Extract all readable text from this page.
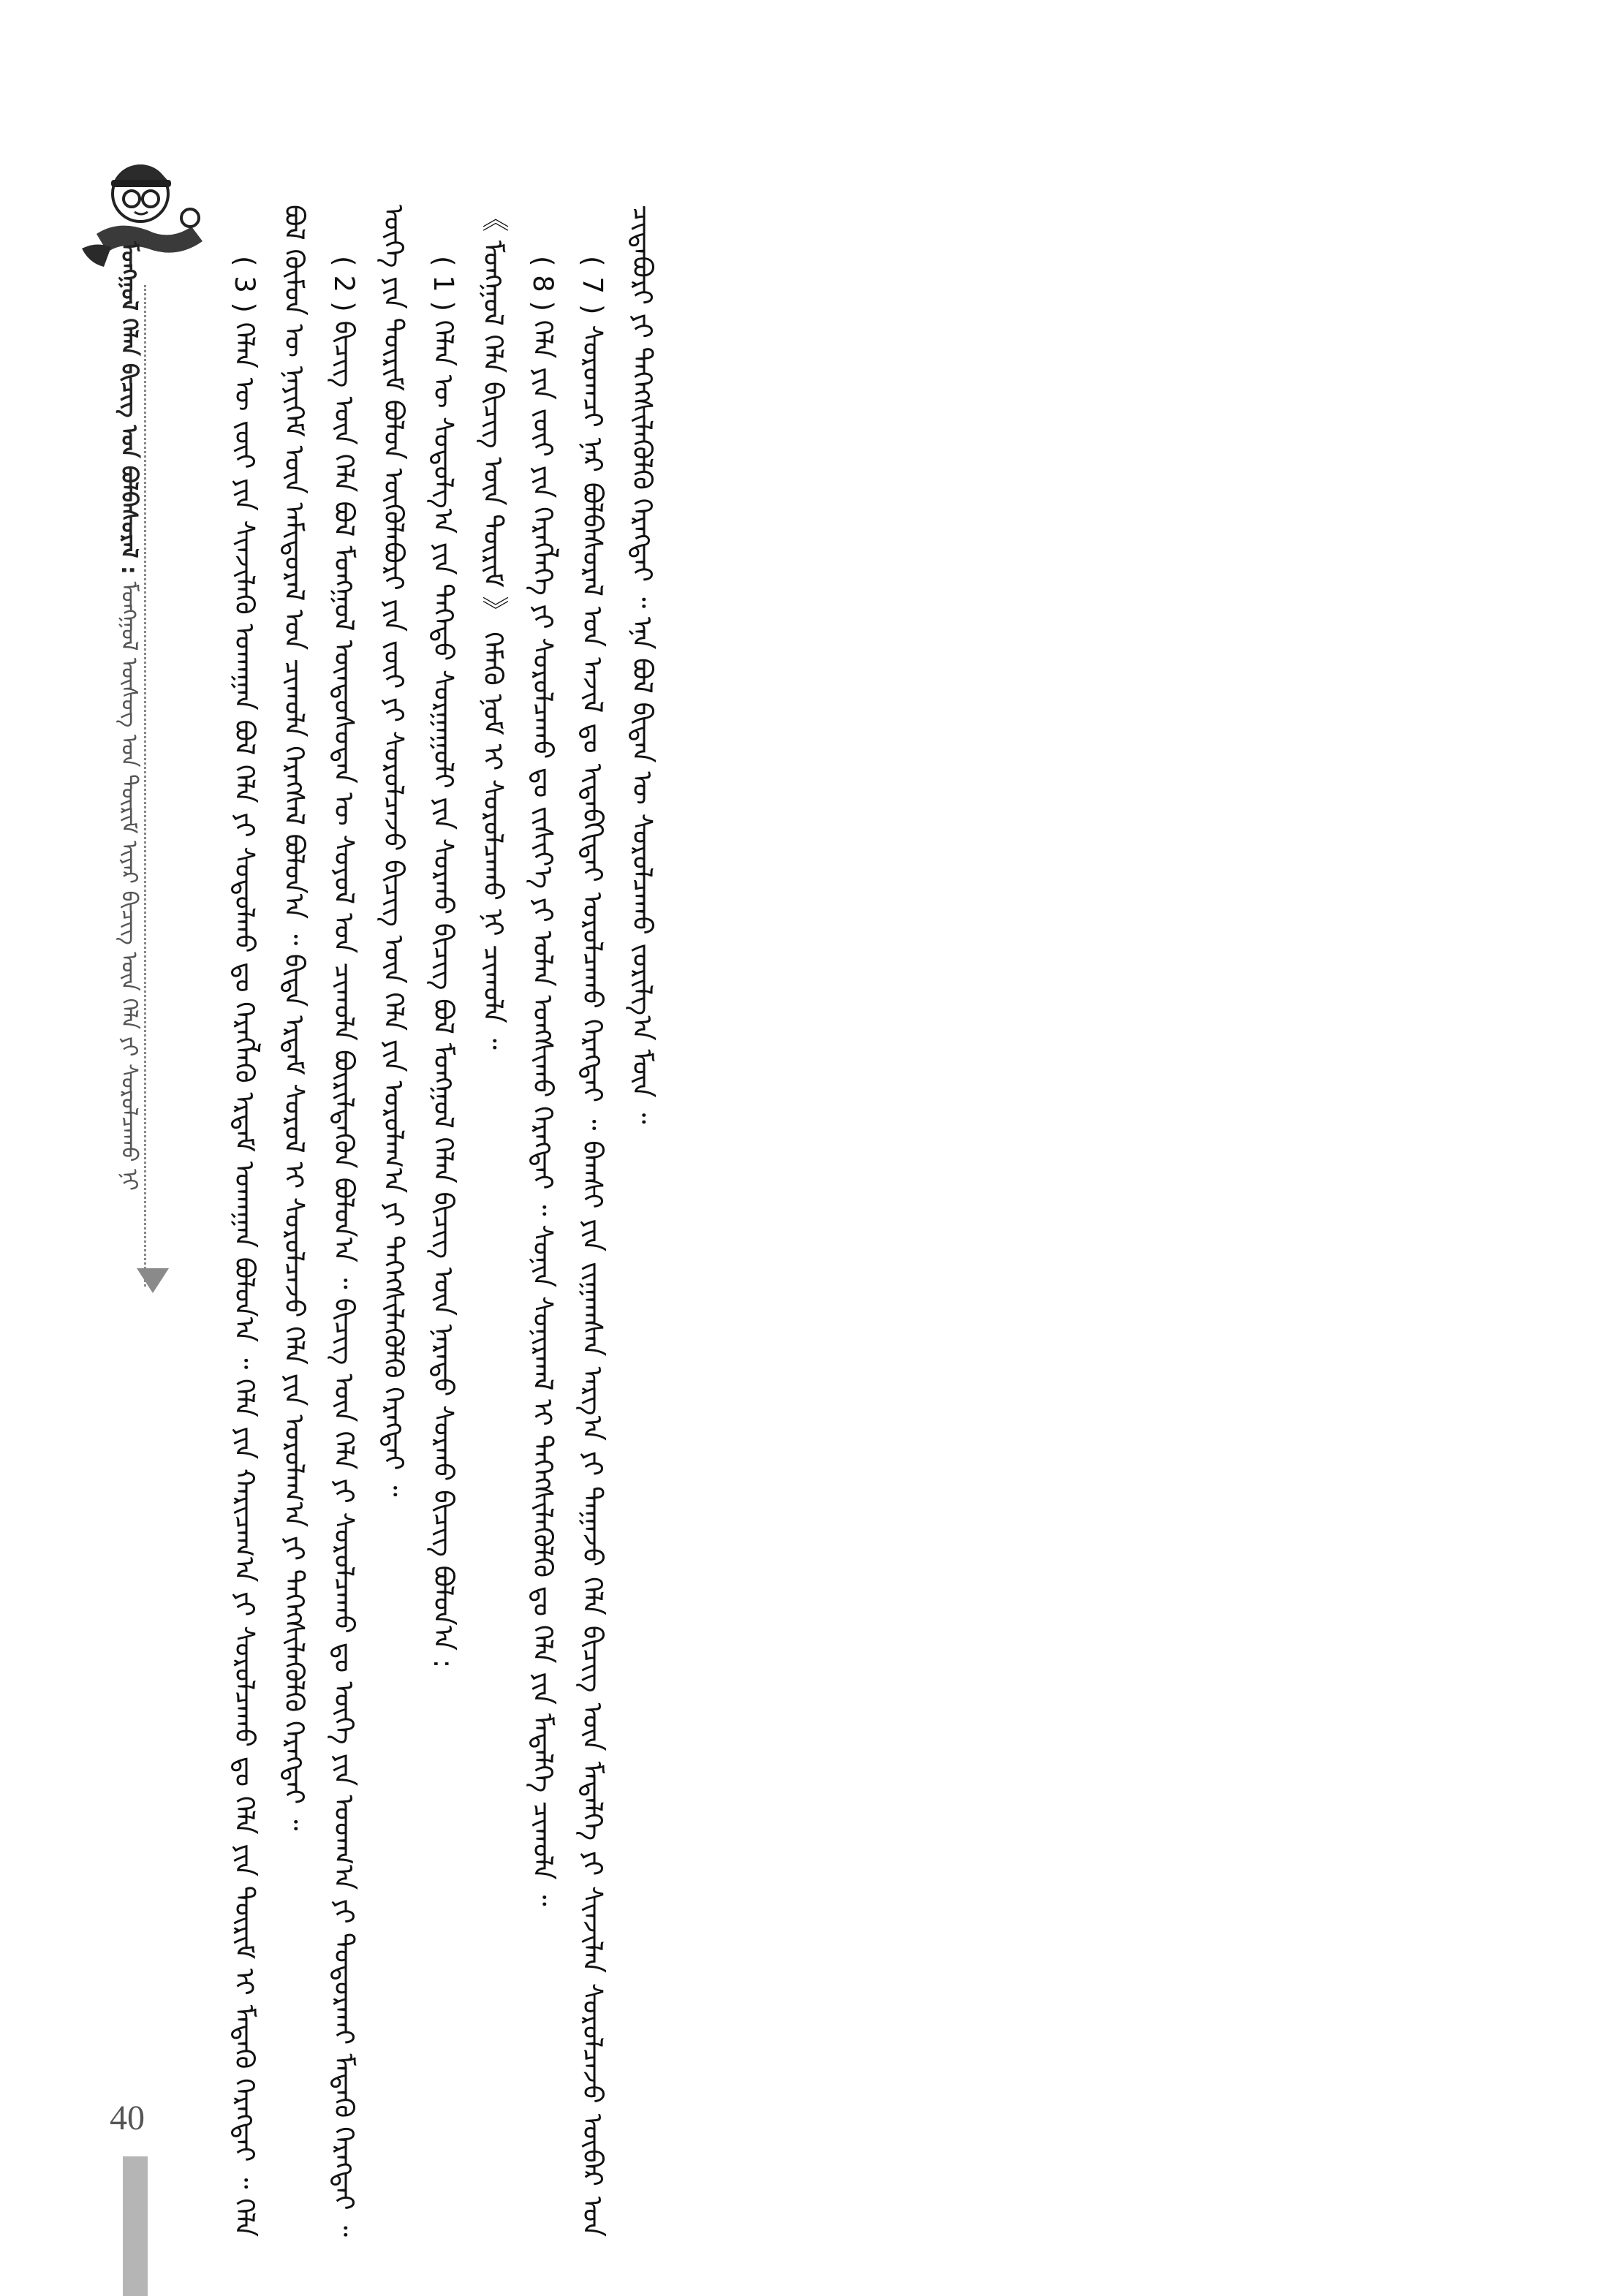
ᠮᠣᠩᠭᠣᠯ ᠬᠡᠯᠡᠨ ᠪᠢᠴᠢᠭ ᠤᠨ ᠪᠣᠯᠪᠠᠰᠤᠷᠠᠯ : ᠮᠣᠩᠭᠣᠯ ᠦᠰᠦᠭ ᠤᠨ ᠳᠦᠷᠢᠮ ᠢᠶᠡᠷ ᠪᠢᠴᠢᠭ᠌ ᠦᠨ ᠬᠡᠯᠡ ᠶᠢ ᠰᠤᠷᠤᠯᠴᠠᠬᠤ ᠨᠢ

( 3 ) ᠬᠡᠯᠡᠨ ᠦ ᠵᠦᠢ ᠶᠢᠨ ᠰᠢᠨᠵᠢᠯᠡᠬᠦ ᠤᠬᠠᠭᠠᠨ ᠪᠣᠯ ᠬᠡᠯᠡ ᠶᠢ ᠰᠤᠳᠤᠯᠬᠤ ᠳᠤ ᠬᠡᠷᠡᠭᠯᠡᠬᠦ ᠡᠷᠳᠡᠮ ᠤᠬᠠᠭᠠᠨ ᠪᠣᠯᠤᠨ᠎ᠠ ᠃ ᠬᠡᠯᠡ ᠶᠢᠨ ᠬᠠᠷᠢᠴᠠᠭ᠎ᠠ ᠶᠢ ᠰᠤᠷᠤᠯᠴᠠᠬᠤ ᠳᠤ ᠬᠡᠯᠡ ᠶᠢᠨ ᠳᠦᠷᠢᠮ ᠢ ᠮᠡᠳᠡᠬᠦ ᠬᠡᠷᠡᠭᠲᠡᠢ ᠃ ᠬᠡᠯᠡ ᠪᠣᠯ ᠬᠦᠮᠦᠨ ᠦ ᠨᠡᠶᠢᠭᠡᠮ ᠦᠨ ᠠᠮᠢᠳᠤᠷᠠᠯ ᠤᠨ ᠴᠢᠬᠤᠯᠠ ᠬᠡᠷᠡᠭᠰᠡᠯ ᠪᠣᠯᠤᠨ᠎ᠠ ᠃ ᠪᠢᠳᠡ ᠡᠷᠳᠡᠮ ᠰᠤᠷᠤᠯ ᠢ ᠰᠤᠷᠤᠯᠴᠠᠵᠤ ᠬᠡᠯᠡ ᠶᠢᠨ ᠤᠷᠤᠯᠠᠭ᠎ᠠ ᠶᠢ ᠳᠡᠭᠡᠭᠰᠢᠯᠡᠭᠦᠯᠬᠦ ᠬᠡᠷᠡᠭᠲᠡᠢ ᠃ ( 2 ) ᠪᠢᠴᠢᠭ ᠦᠨ ᠬᠡᠯᠡ ᠪᠣᠯ ᠮᠣᠩᠭᠣᠯ ᠦᠨᠳᠦᠰᠦᠲᠡᠨ ᠦ ᠰᠣᠶᠣᠯ ᠤᠨ ᠴᠢᠬᠤᠯᠠ ᠪᠦᠷᠢᠯᠳᠡᠬᠦᠨ ᠪᠣᠯᠤᠨ᠎ᠠ ᠃ ᠪᠢᠴᠢᠭ ᠦᠨ ᠬᠡᠯᠡ ᠶᠢ ᠰᠤᠷᠤᠯᠴᠠᠬᠤ ᠳᠤ ᠦᠭᠡ ᠶᠢᠨ ᠤᠳᠬ᠎ᠠ ᠶᠢ ᠲᠣᠳᠣᠷᠬᠠᠢ ᠮᠡᠳᠡᠬᠦ ᠬᠡᠷᠡᠭᠲᠡᠢ ᠃ ᠦᠭᠡ ᠶᠢᠨ ᠳᠦᠷᠢᠮ ᠪᠣᠯᠤᠨ ᠦᠭᠦᠯᠡᠪᠦᠷᠢ ᠶᠢᠨ ᠵᠦᠢ ᠶᠢ ᠰᠤᠷᠤᠯᠴᠠᠵᠤ ᠪᠢᠴᠢᠭ ᠦᠨ ᠬᠡᠯᠡ ᠶᠢᠨ ᠤᠷᠤᠯᠠᠭ᠎ᠠ ᠶᠢ ᠳᠡᠭᠡᠭᠰᠢᠯᠡᠭᠦᠯᠬᠦ ᠬᠡᠷᠡᠭᠲᠡᠢ ᠃ ( 1 ) ᠬᠡᠯᠡᠨ ᠦ ᠰᠤᠳᠤᠯᠭ᠎ᠠ ᠶᠢᠨ ᠳᠡᠭᠡᠳᠦ ᠰᠤᠷᠭᠠᠭᠤᠯᠢ ᠶᠢᠨ ᠰᠤᠷᠬᠤ ᠪᠢᠴᠢᠭ ᠪᠣᠯ ᠮᠣᠩᠭᠣᠯ ᠬᠡᠯᠡᠨ ᠪᠢᠴᠢᠭ ᠦᠨ ᠨᠡᠷᠡᠲᠦ ᠰᠤᠷᠬᠤ ᠪᠢᠴᠢᠭ ᠪᠣᠯᠤᠨ᠎ᠠ : 《 ᠮᠣᠩᠭᠣᠯ ᠬᠡᠯᠡ ᠪᠢᠴᠢᠭ ᠦᠨ ᠳᠦᠷᠢᠮ 》 ᠬᠡᠮᠡᠬᠦ ᠨᠣᠮ ᠢ ᠰᠤᠷᠤᠯᠴᠠᠬᠤ ᠨᠢ ᠴᠢᠬᠤᠯᠠ ᠃ ( 8 ) ᠬᠡᠯᠡ ᠶᠢᠨ ᠵᠦᠢ ᠶᠢᠨ ᠬᠡᠷᠡᠭᠯᠡᠭᠡ ᠶᠢ ᠰᠤᠷᠤᠯᠴᠠᠬᠤ ᠳᠤ ᠵᠢᠱᠢᠶ᠎ᠡ ᠶᠢ ᠣᠯᠠᠨ ᠤᠩᠰᠢᠬᠤ ᠬᠡᠷᠡᠭᠲᠡᠢ ᠃ ᠰᠣᠨᠢᠨ ᠰᠣᠨᠢᠷᠬᠠᠯ ᠢ ᠳᠡᠭᠡᠭᠰᠢᠯᠡᠭᠦᠯᠬᠦ ᠳᠤ ᠬᠡᠯᠡ ᠶᠢᠨ ᠮᠡᠳᠡᠯᠭᠡ ᠴᠢᠬᠤᠯᠠ ᠃

( 7 ) ᠰᠤᠷᠤᠭᠴᠢ ᠨᠠᠷ ᠪᠣᠯᠪᠠᠰᠤᠷᠠᠯ ᠤᠨ ᠠᠵᠢᠯ ᠳᠤ ᠢᠳᠡᠪᠬᠢᠲᠡᠢ ᠣᠷᠣᠯᠴᠠᠬᠤ ᠬᠡᠷᠡᠭᠲᠡᠢ ᠃ ᠪᠠᠭᠰᠢ ᠶᠢᠨ ᠵᠢᠭᠠᠭᠰᠠᠨ ᠠᠷᠭ᠎ᠠ ᠶᠢ ᠳᠠᠭᠠᠵᠤ ᠬᠡᠯᠡ ᠪᠢᠴᠢᠭ ᠦᠨ ᠮᠡᠳᠡᠯᠭᠡ ᠶᠢ ᠰᠢᠨᠵᠢᠯᠡᠨ ᠰᠤᠷᠤᠯᠴᠠᠵᠤ ᠦᠪᠡᠷ ᠤᠨ ᠴᠢᠳᠠᠪᠤᠷᠢ ᠶᠢ ᠳᠡᠭᠡᠭᠰᠢᠯᠡᠭᠦᠯᠬᠦ ᠬᠡᠷᠡᠭᠲᠡᠢ ᠃ ᠡᠨᠡ ᠪᠣᠯ ᠪᠢᠳᠡᠨ ᠦ ᠰᠤᠷᠤᠯᠴᠠᠬᠤ ᠵᠣᠷᠢᠯᠭ᠎ᠠ ᠮᠥᠨ ᠃

40
